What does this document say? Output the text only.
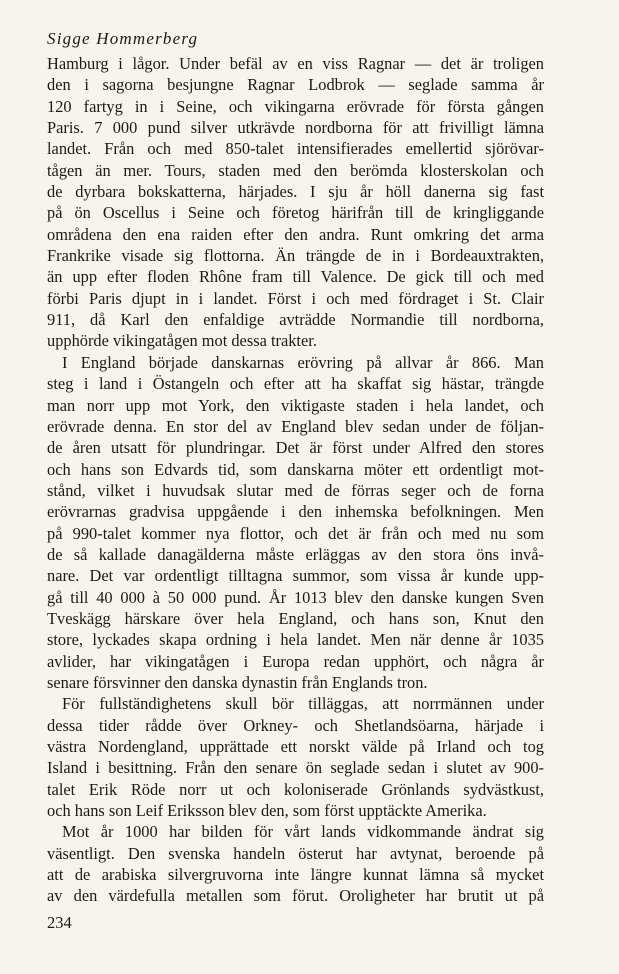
Sigge Hommerberg
Hamburg i lågor. Under befäl av en viss Ragnar — det är troligen
den i sagorna besjungne Ragnar Lodbrok — seglade samma år
120 fartyg in i Seine, och vikingarna erövrade för första gången
Paris. 7 000 pund silver utkrävde nordborna för att frivilligt lämna
landet. Från och med 850-talet intensifierades emellertid sjörövar-
tågen än mer. Tours, staden med den berömda klosterskolan och
de dyrbara bokskatterna, härjades. I sju år höll danerna sig fast
på ön Oscellus i Seine och företog härifrån till de kringliggande
områdena den ena raiden efter den andra. Runt omkring det arma
Frankrike visade sig flottorna. Än trängde de in i Bordeauxtrakten,
än upp efter floden Rhône fram till Valence. De gick till och med
förbi Paris djupt in i landet. Först i och med fördraget i St. Clair
911, då Karl den enfaldige avträdde Normandie till nordborna,
upphörde vikingatågen mot dessa trakter.
I England började danskarnas erövring på allvar år 866. Man
steg i land i Östangeln och efter att ha skaffat sig hästar, trängde
man norr upp mot York, den viktigaste staden i hela landet, och
erövrade denna. En stor del av England blev sedan under de följan-
de åren utsatt för plundringar. Det är först under Alfred den stores
och hans son Edvards tid, som danskarna möter ett ordentligt mot-
stånd, vilket i huvudsak slutar med de förras seger och de forna
erövrarnas gradvisa uppgående i den inhemska befolkningen. Men
på 990-talet kommer nya flottor, och det är från och med nu som
de så kallade danagälderna måste erläggas av den stora öns invå-
nare. Det var ordentligt tilltagna summor, som vissa år kunde upp-
gå till 40 000 à 50 000 pund. År 1013 blev den danske kungen Sven
Tveskägg härskare över hela England, och hans son, Knut den
store, lyckades skapa ordning i hela landet. Men när denne år 1035
avlider, har vikingatågen i Europa redan upphört, och några år
senare försvinner den danska dynastin från Englands tron.
För fullständighetens skull bör tilläggas, att norrmännen under
dessa tider rådde över Orkney- och Shetlandsöarna, härjade i
västra Nordengland, upprättade ett norskt välde på Irland och tog
Island i besittning. Från den senare ön seglade sedan i slutet av 900-
talet Erik Röde norr ut och koloniserade Grönlands sydvästkust,
och hans son Leif Eriksson blev den, som först upptäckte Amerika.
Mot år 1000 har bilden för vårt lands vidkommande ändrat sig
väsentligt. Den svenska handeln österut har avtynat, beroende på
att de arabiska silvergruvorna inte längre kunnat lämna så mycket
av den värdefulla metallen som förut. Oroligheter har brutit ut på
234
